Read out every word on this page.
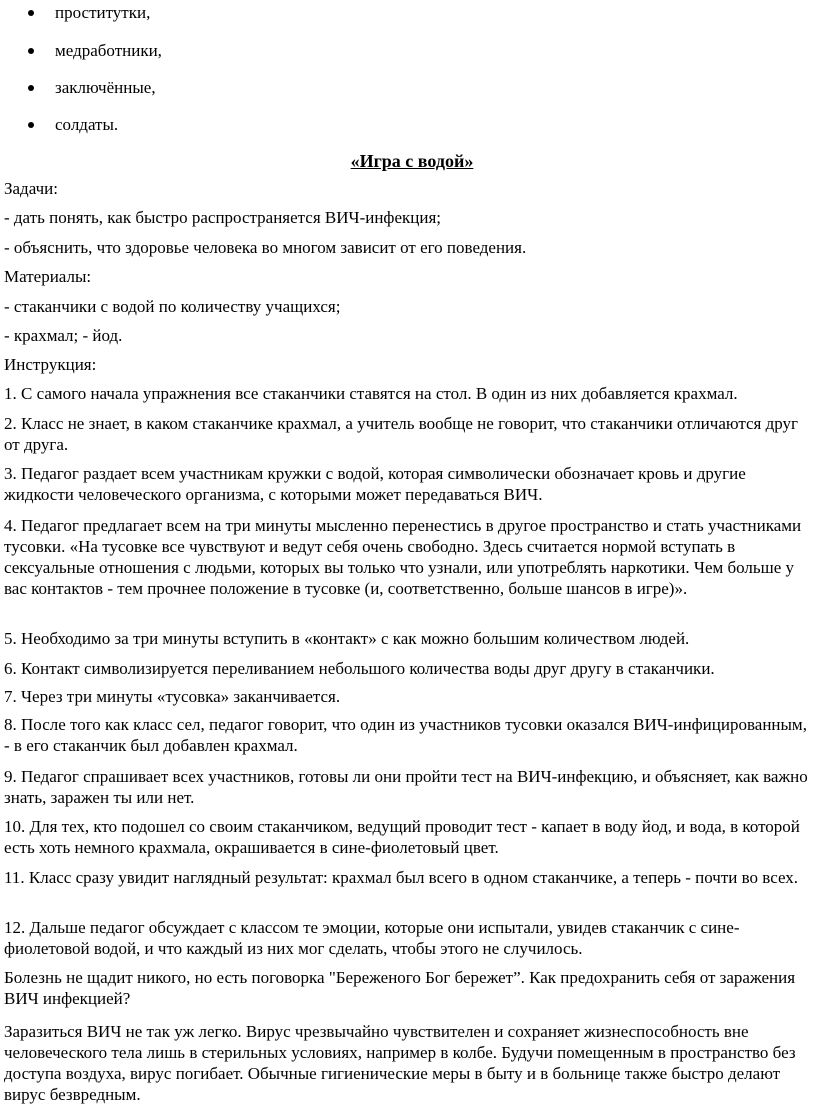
проститутки,
медработники,
заключённые,
солдаты.
«Игра с водой»
Задачи:
- дать понять, как быстро распространяется ВИЧ-инфекция;
- объяснить, что здоровье человека во многом зависит от его поведения.
Материалы:
- стаканчики с водой по количеству учащихся;
- крахмал; - йод.
Инструкция:
1. С самого начала упражнения все стаканчики ставятся на стол. В один из них добавляется крахмал.
2. Класс не знает, в каком стаканчике крахмал, а учитель вообще не говорит, что стаканчики отличаются друг от друга.
3. Педагог раздает всем участникам кружки с водой, которая символически обозначает кровь и другие жидкости человеческого организма, с которыми может передаваться ВИЧ.
4. Педагог предлагает всем на три минуты мысленно перенестись в другое пространство и стать участниками тусовки. «На тусовке все чувствуют и ведут себя очень свободно. Здесь считается нормой вступать в сексуальные отношения с людьми, которых вы только что узнали, или употреблять наркотики. Чем больше у вас контактов - тем прочнее положение в тусовке (и, соответственно, больше шансов в игре)».
5. Необходимо за три минуты вступить в «контакт» с как можно большим количеством людей.
6. Контакт символизируется переливанием небольшого количества воды друг другу в стаканчики.
7. Через три минуты «тусовка» заканчивается.
8. После того как класс сел, педагог говорит, что один из участников тусовки оказался ВИЧ-инфицированным, - в его стаканчик был добавлен крахмал.
9. Педагог спрашивает всех участников, готовы ли они пройти тест на ВИЧ-инфекцию, и объясняет, как важно знать, заражен ты или нет.
10. Для тех, кто подошел со своим стаканчиком, ведущий проводит тест - капает в воду йод, и вода, в которой есть хоть немного крахмала, окрашивается в сине-фиолетовый цвет.
11. Класс сразу увидит наглядный результат: крахмал был всего в одном стаканчике, а теперь - почти во всех.
12. Дальше педагог обсуждает с классом те эмоции, которые они испытали, увидев стаканчик с сине-фиолетовой водой, и что каждый из них мог сделать, чтобы этого не случилось.
Болезнь не щадит никого, но есть поговорка "Береженого Бог бережет”. Как предохранить себя от заражения ВИЧ инфекцией?
Заразиться ВИЧ не так уж легко. Вирус чрезвычайно чувствителен и сохраняет жизнеспособность вне человеческого тела лишь в стерильных условиях, например в колбе. Будучи помещенным в пространство без доступа воздуха, вирус погибает. Обычные гигиенические меры в быту и в больнице также быстро делают вирус безвредным.
